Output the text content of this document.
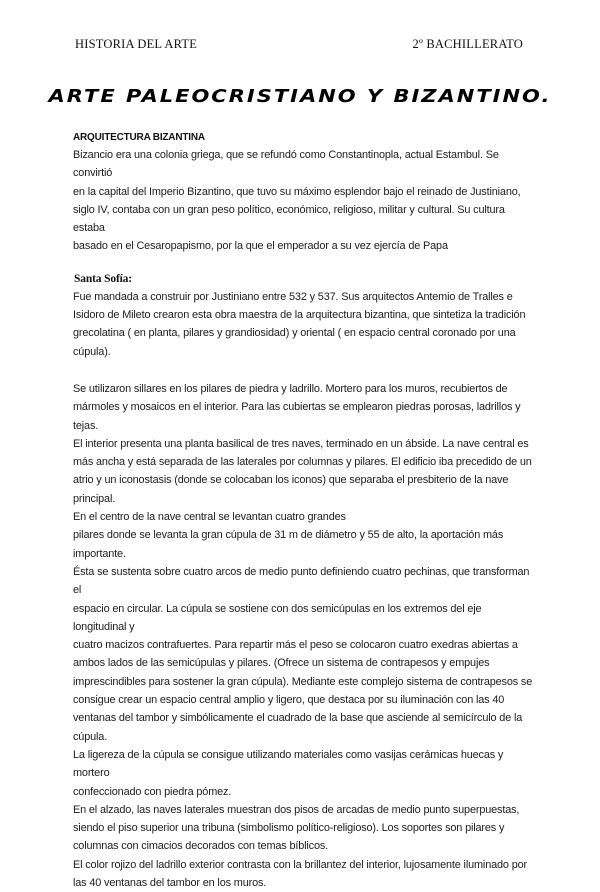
HISTORIA DEL ARTE	2º BACHILLERATO
ARTE PALEOCRISTIANO Y BIZANTINO.
ARQUITECTURA BIZANTINA
Bizancio era una colonia griega, que se refundó como Constantinopla, actual Estambul. Se convirtió
en la capital del Imperio Bizantino, que tuvo su máximo esplendor bajo el reinado de Justiniano,
siglo IV, contaba con un gran peso político, económico, religioso, militar y cultural. Su cultura estaba
basado en el Cesaropapismo, por la que el emperador a su vez ejercía de Papa
Santa Sofía:
Fue mandada a construir por Justiniano entre 532 y 537. Sus arquitectos Antemio de Tralles e
Isidoro de Mileto crearon esta obra maestra de la arquitectura bizantina, que sintetiza la tradición
grecolatina ( en planta, pilares y grandiosidad) y oriental ( en espacio central coronado por una
cúpula).
Se utilizaron sillares en los pilares de piedra y ladrillo. Mortero para los muros, recubiertos de
mármoles y mosaicos en el interior. Para las cubiertas se emplearon piedras porosas, ladrillos y tejas.
El interior presenta una planta basilical de tres naves, terminado en un ábside. La nave central es
más ancha y está separada de las laterales por columnas y pilares. El edificio iba precedido de un
atrio y un iconostasis (donde se colocaban los iconos) que separaba el presbiterio de la nave
principal.
En el centro de la nave central se levantan cuatro grandes
pilares donde se levanta la gran cúpula de 31 m de diámetro y 55 de alto, la aportación más
importante.
Ésta se sustenta sobre cuatro arcos de medio punto definiendo cuatro pechinas, que transforman el
espacio en circular. La cúpula se sostiene con dos semicúpulas en los extremos del eje longitudinal y
cuatro macizos contrafuertes. Para repartir más el peso se colocaron cuatro exedras abiertas a
ambos lados de las semicúpulas y pilares. (Ofrece un sistema de contrapesos y empujes
imprescindibles para sostener la gran cúpula). Mediante este complejo sistema de contrapesos se
consigue crear un espacio central amplio y ligero, que destaca por su iluminación con las 40
ventanas del tambor y simbólicamente el cuadrado de la base que asciende al semicírculo de la
cúpula.
La ligereza de la cúpula se consigue utilizando materiales como vasijas cerámicas huecas y mortero
confeccionado con piedra pómez.
En el alzado, las naves laterales muestran dos pisos de arcadas de medio punto superpuestas,
siendo el piso superior una tribuna (simbolismo político-religioso). Los soportes son pilares y
columnas con cimacios decorados con temas bíblicos.
El color rojizo del ladrillo exterior contrasta con la brillantez del interior, lujosamente iluminado por
las 40 ventanas del tambor en los muros.
